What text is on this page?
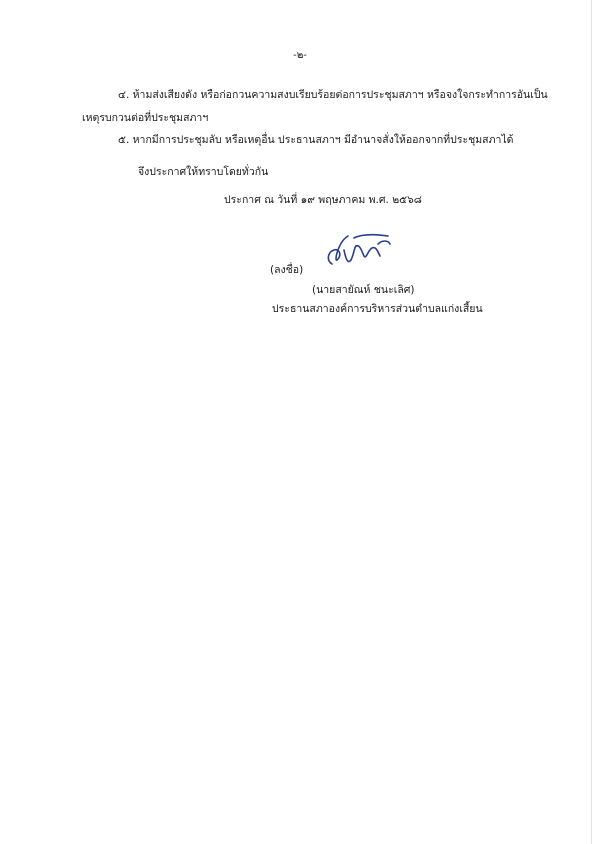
-๒-
๔. ห้ามส่งเสียงดัง หรือก่อกวนความสงบเรียบร้อยต่อการประชุมสภาฯ หรือจงใจกระทำการอันเป็น
เหตุรบกวนต่อที่ประชุมสภาฯ
๕. หากมีการประชุมลับ หรือเหตุอื่น ประธานสภาฯ มีอำนาจสั่งให้ออกจากที่ประชุมสภาได้
จึงประกาศให้ทราบโดยทั่วกัน
ประกาศ ณ วันที่ ๑๙ พฤษภาคม พ.ศ. ๒๕๖๘
(ลงชื่อ)
(นายสายัณห์ ชนะเลิศ)
ประธานสภาองค์การบริหารส่วนตำบลแก่งเสี้ยน
